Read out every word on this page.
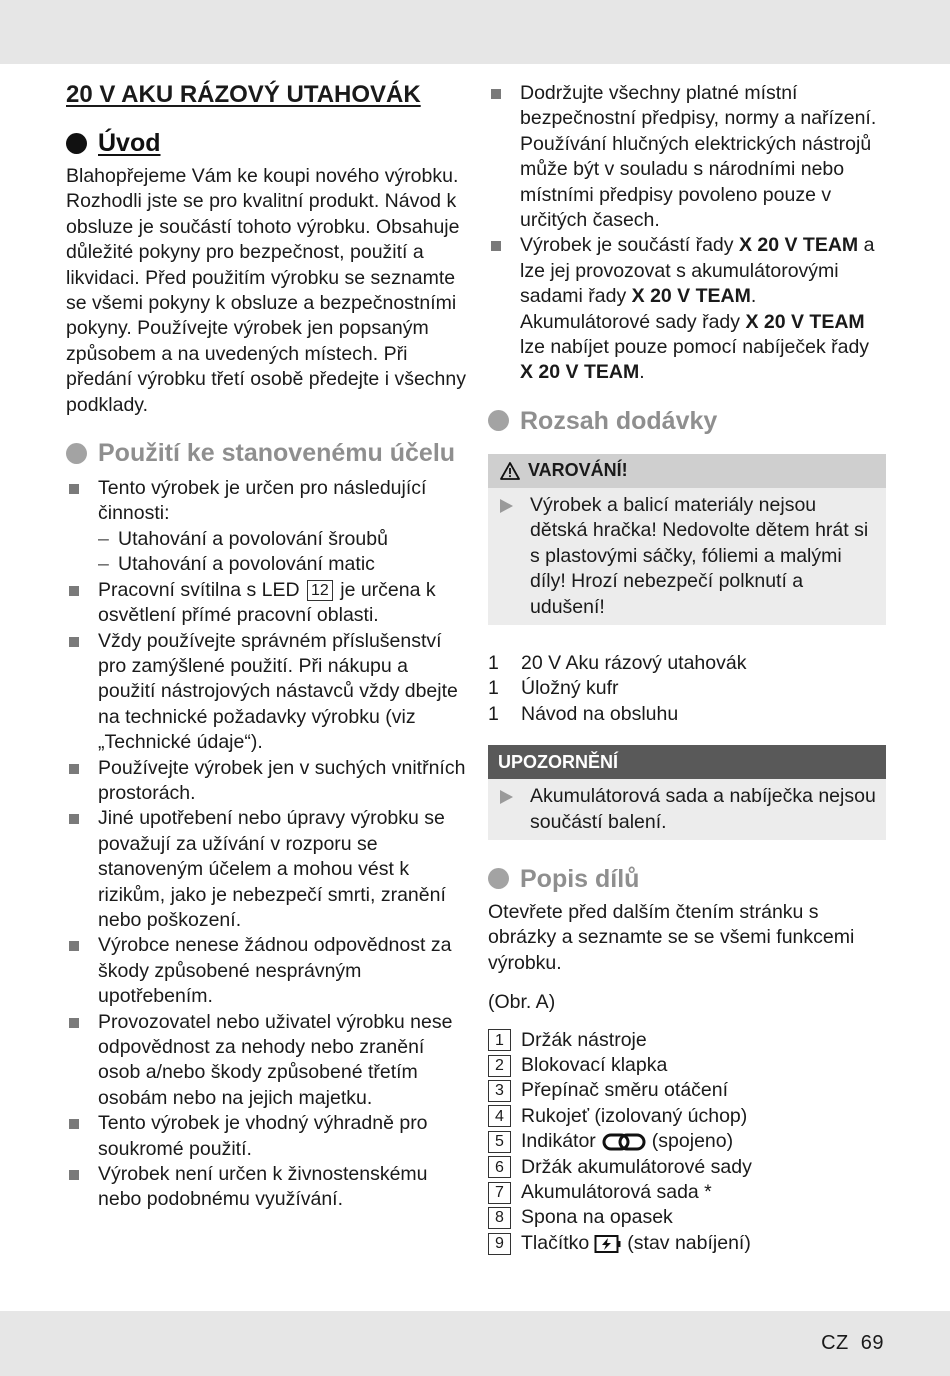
20 V AKU RÁZOVÝ UTAHOVÁK
Úvod

Blahopřejeme Vám ke koupi nového výrobku. Rozhodli jste se pro kvalitní produkt. Návod k obsluze je součástí tohoto výrobku. Obsahuje důležité pokyny pro bezpečnost, použití a likvidaci. Před použitím výrobku se seznamte se všemi pokyny k obsluze a bezpečnostními pokyny. Používejte výrobek jen popsaným způsobem a na uvedených místech. Při předání výrobku třetí osobě předejte i všechny podklady.

Použití ke stanovenému účelu
Tento výrobek je určen pro následující činnosti:
– Utahování a povolování šroubů
– Utahování a povolování matic
Pracovní svítilna s LED 12 je určena k osvětlení přímé pracovní oblasti.
Vždy používejte správném příslušenství pro zamýšlené použití. Při nákupu a použití nástrojových nástavců vždy dbejte na technické požadavky výrobku (viz „Technické údaje“).
Používejte výrobek jen v suchých vnitřních prostorách.
Jiné upotřebení nebo úpravy výrobku se považují za užívání v rozporu se stanoveným účelem a mohou vést k rizikům, jako je nebezpečí smrti, zranění nebo poškození.
Výrobce nenese žádnou odpovědnost za škody způsobené nesprávným upotřebením.
Provozovatel nebo uživatel výrobku nese odpovědnost za nehody nebo zranění osob a/nebo škody způsobené třetím osobám nebo na jejich majetku.
Tento výrobek je vhodný výhradně pro soukromé použití.
Výrobek není určen k živnostenskému nebo podobnému využívání.
Dodržujte všechny platné místní bezpečnostní předpisy, normy a nařízení. Používání hlučných elektrických nástrojů může být v souladu s národními nebo místními předpisy povoleno pouze v určitých časech.
Výrobek je součástí řady X 20 V TEAM a lze jej provozovat s akumulátorovými sadami řady X 20 V TEAM. Akumulátorové sady řady X 20 V TEAM lze nabíjet pouze pomocí nabíječek řady X 20 V TEAM.
Rozsah dodávky
VAROVÁNÍ!
Výrobek a balicí materiály nejsou dětská hračka! Nedovolte dětem hrát si s plastovými sáčky, fóliemi a malými díly! Hrozí nebezpečí polknutí a udušení!
1	20 V Aku rázový utahovák
1	Úložný kufr
1	Návod na obsluhu
UPOZORNĚNÍ
Akumulátorová sada a nabíječka nejsou součástí balení.
Popis dílů

Otevřete před dalším čtením stránku s obrázky a seznamte se se všemi funkcemi výrobku.

(Obr. A)

1 Držák nástroje
2 Blokovací klapka
3 Přepínač směru otáčení
4 Rukojeť (izolovaný úchop)
5 Indikátor	(spojeno)
6 Držák akumulátorové sady
7 Akumulátorová sada *
8 Spona na opasek
9 Tlačítko (stav nabíjení)
CZ 69
